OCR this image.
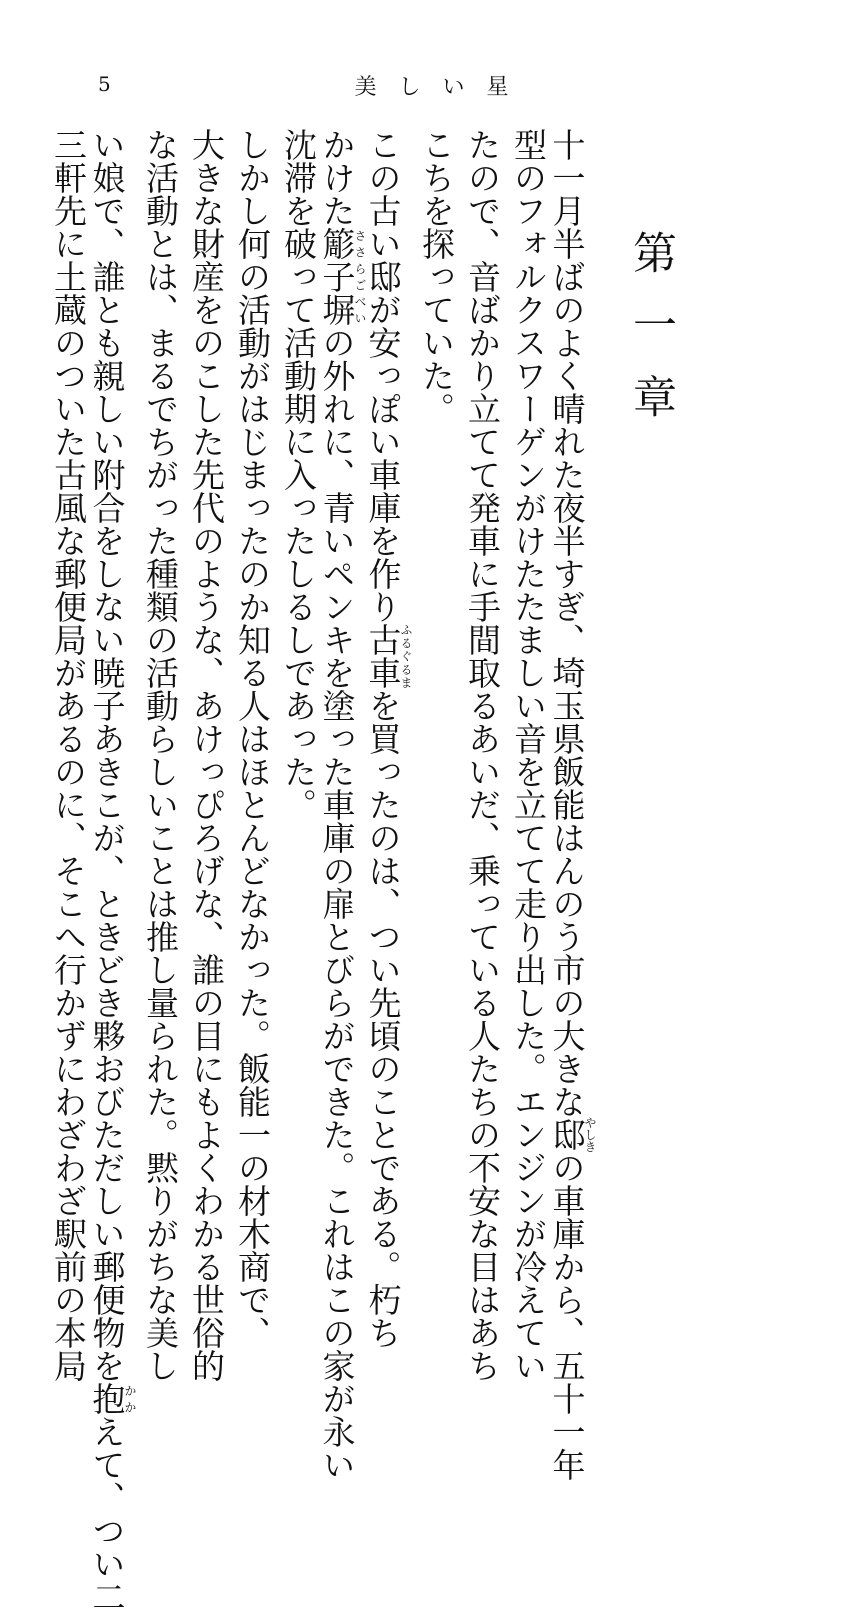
5	美しい星
第一章
十一月半ばのよく晴れた夜半すぎ、埼玉県飯能はんのう市の大きな邸やしきの車庫から、五十一年
型のフォルクスワーゲンがけたたましい音を立てて走り出した。エンジンが冷えてい
たので、音ばかり立てて発車に手間取るあいだ、乗っている人たちの不安な目はあち
こちを探っていた。
この古い邸が安っぽい車庫を作り古車ふるぐるまを買ったのは、つい先頃のことである。朽ち
かけた簓子塀ささらごべいの外れに、青いペンキを塗った車庫の扉とびらができた。これはこの家が永い
沈滞を破って活動期に入ったしるしであった。
しかし何の活動がはじまったのか知る人はほとんどなかった。飯能一の材木商で、
大きな財産をのこした先代のような、あけっぴろげな、誰の目にもよくわかる世俗的
な活動とは、まるでちがった種類の活動らしいことは推し量られた。黙りがちな美し
い娘で、誰とも親しい附合をしない暁子あきこが、ときどき夥おびただしい郵便物を抱かかえて、つい二
三軒先に土蔵のついた古風な郵便局があるのに、そこへ行かずにわざわざ駅前の本局
